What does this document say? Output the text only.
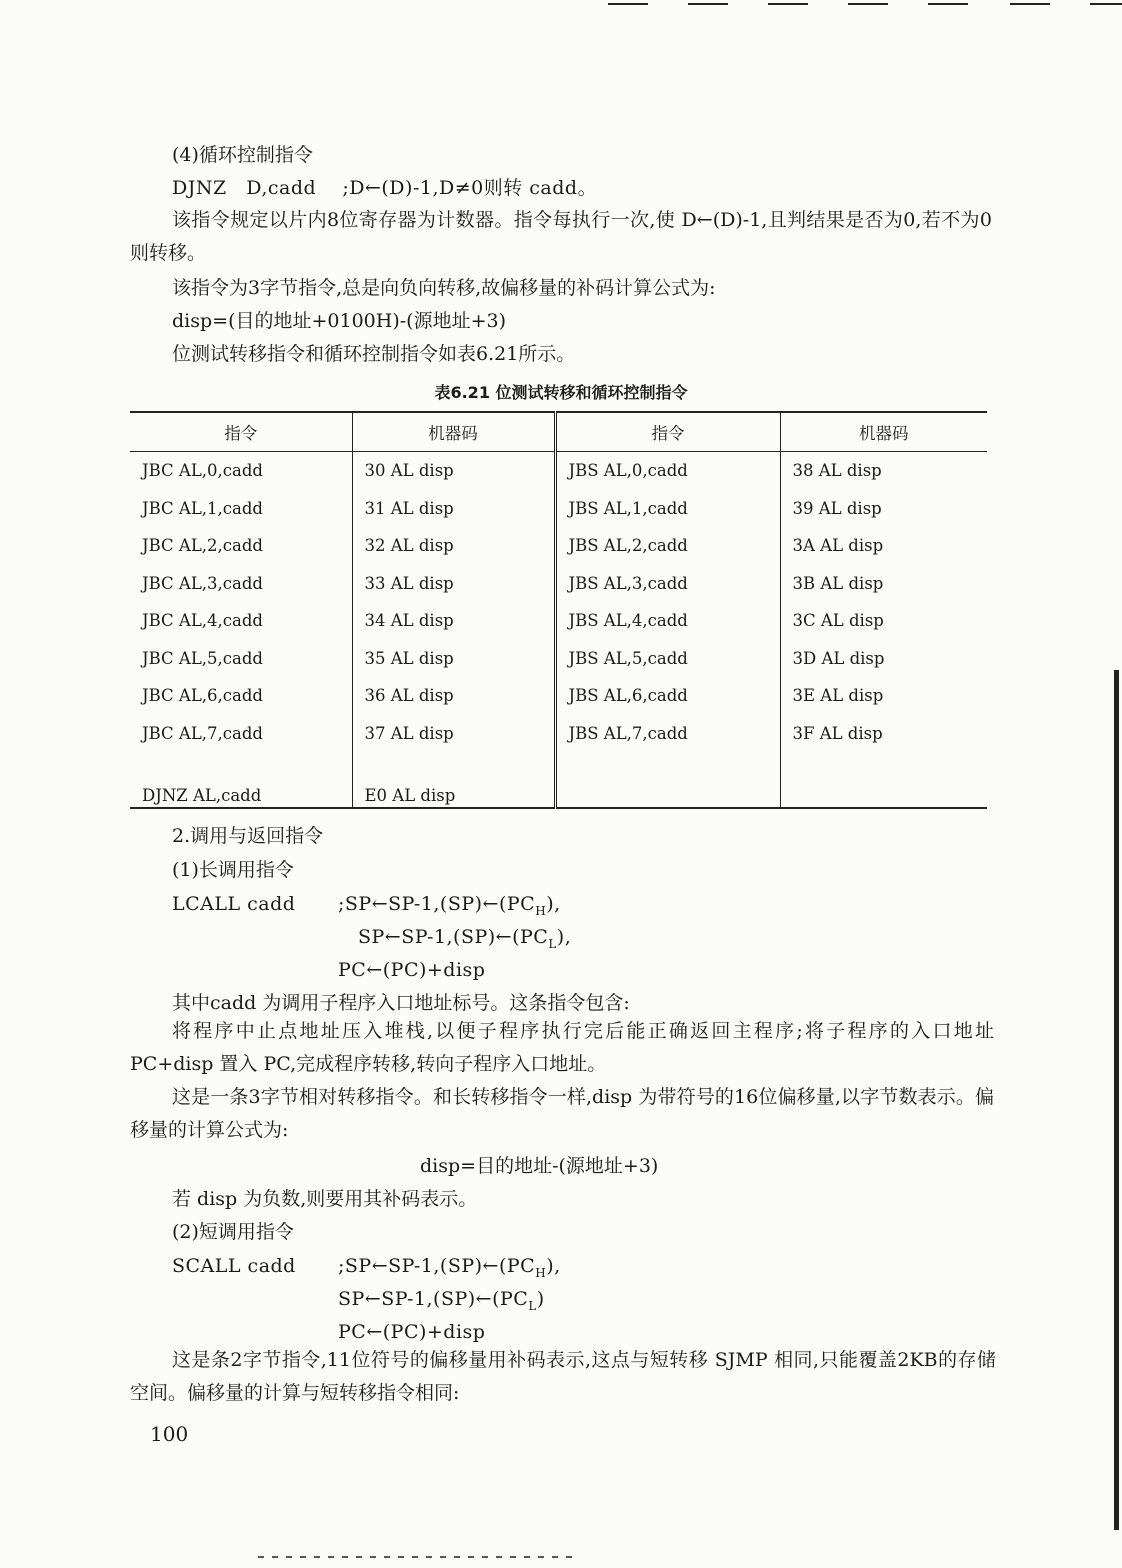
(4)循环控制指令
DJNZ   D,cadd    ;D←(D)-1,D≠0则转 cadd。
该指令规定以片内8位寄存器为计数器。指令每执行一次,使 D←(D)-1,且判结果是否为0,若不为0则转移。
该指令为3字节指令,总是向负向转移,故偏移量的补码计算公式为:
disp=(目的地址+0100H)-(源地址+3)
位测试转移指令和循环控制指令如表6.21所示。
表6.21 位测试转移和循环控制指令
指令	机器码	指令	机器码
JBC AL,0,cadd	30 AL disp	JBS AL,0,cadd	38 AL disp
JBC AL,1,cadd	31 AL disp	JBS AL,1,cadd	39 AL disp
JBC AL,2,cadd	32 AL disp	JBS AL,2,cadd	3A AL disp
JBC AL,3,cadd	33 AL disp	JBS AL,3,cadd	3B AL disp
JBC AL,4,cadd	34 AL disp	JBS AL,4,cadd	3C AL disp
JBC AL,5,cadd	35 AL disp	JBS AL,5,cadd	3D AL disp
JBC AL,6,cadd	36 AL disp	JBS AL,6,cadd	3E AL disp
JBC AL,7,cadd	37 AL disp	JBS AL,7,cadd	3F AL disp
DJNZ AL,cadd	E0 AL disp		
2.调用与返回指令
(1)长调用指令
LCALL cadd $;SP\leftarrow SP-1,(SP)\leftarrow(PC_H)$,
$SP\leftarrow SP-1,(SP)\leftarrow(PC_L)$,
PC←(PC)+disp
其中cadd 为调用子程序入口地址标号。这条指令包含:
将程序中止点地址压入堆栈,以便子程序执行完后能正确返回主程序;将子程序的入口地址 PC+disp 置入 PC,完成程序转移,转向子程序入口地址。
这是一条3字节相对转移指令。和长转移指令一样,disp 为带符号的16位偏移量,以字节数表示。偏移量的计算公式为:
disp=目的地址-(源地址+3)
若 disp 为负数,则要用其补码表示。
(2)短调用指令
SCALL cadd $;SP\leftarrow SP-1,(SP)\leftarrow(PC_H)$,
$SP\leftarrow SP-1,(SP)\leftarrow(PC_L)$
PC←(PC)+disp
这是条2字节指令,11位符号的偏移量用补码表示,这点与短转移 SJMP 相同,只能覆盖2KB的存储空间。偏移量的计算与短转移指令相同:
100
